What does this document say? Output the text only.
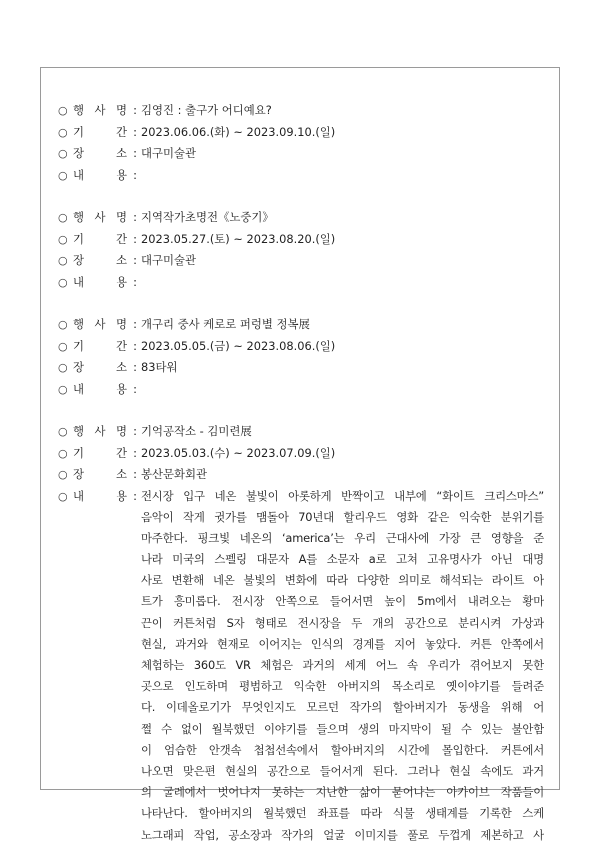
○ 행 사 명 : 김영진 : 출구가 어디예요?
○ 기	간 : 2023.06.06.(화) ~ 2023.09.10.(일)
○ 장	소 : 대구미술관
○ 내	용 :
○ 행 사 명 : 지역작가초명전《노중기》
○ 기	간 : 2023.05.27.(토) ~ 2023.08.20.(일)
○ 장	소 : 대구미술관
○ 내	용 :
○ 행 사 명 : 개구리 중사 케로로 퍼렁별 정복展
○ 기	간 : 2023.05.05.(금) ~ 2023.08.06.(일)
○ 장	소 : 83타워
○ 내	용 :
○ 행 사 명 : 기억공작소 - 김미련展
○ 기	간 : 2023.05.03.(수) ~ 2023.07.09.(일)
○ 장	소 : 봉산문화회관
○ 내	용 : 전시장 입구 네온 불빛이 아롯하게 반짝이고 내부에 “화이트 크리스마스”
음악이 작게 귓가를 맴돌아 70년대 할리우드 영화 같은 익숙한 분위기를
마주한다. 핑크빛 네온의 ‘america’는 우리 근대사에 가장 큰 영향을 준
나라 미국의 스펠링 대문자 A를 소문자 a로 고쳐 고유명사가 아닌 대명
사로 변환해 네온 불빛의 변화에 따라 다양한 의미로 해석되는 라이트 아
트가 흥미롭다. 전시장 안쪽으로 들어서면 높이 5m에서 내려오는 황마
끈이 커튼처럼 S자 형태로 전시장을 두 개의 공간으로 분리시켜 가상과
현실, 과거와 현재로 이어지는 인식의 경계를 지어 놓았다. 커튼 안쪽에서
체험하는 360도 VR 체험은 과거의 세계 어느 속 우리가 겪어보지 못한
곳으로 인도하며 평범하고 익숙한 아버지의 목소리로 옛이야기를 들려준
다. 이데올로기가 무엇인지도 모르던 작가의 할아버지가 동생을 위해 어
쩔 수 없이 월북했던 이야기를 들으며 생의 마지막이 될 수 있는 불안함
이 엄습한 안갯속 첩첩선속에서 할아버지의 시간에 몰입한다. 커튼에서
나오면 맞은편 현실의 공간으로 들어서게 된다. 그러나 현실 속에도 과거
의 굴레에서 벗어나지 못하는 지난한 삶이 묻어나는 아카이브 작품들이
나타난다. 할아버지의 월북했던 좌표를 따라 식물 생태계를 기록한 스케
노그래피 작업, 공소장과 작가의 얼굴 이미지를 풀로 두껍게 제본하고 사
